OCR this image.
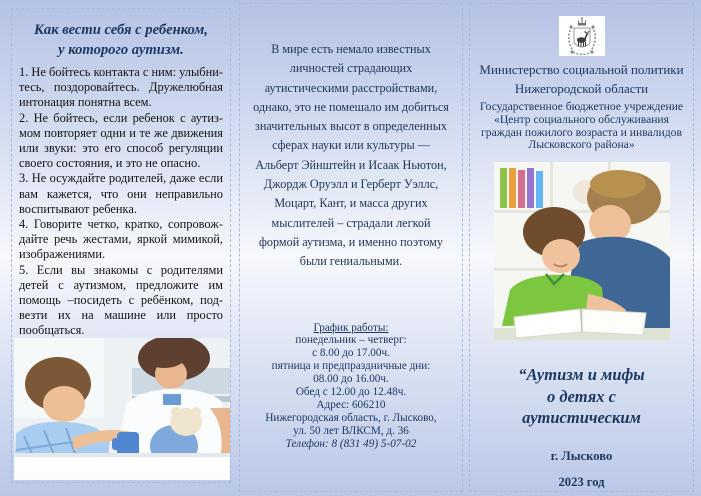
Как вести себя с ребенком,
у которого аутизм.

1. Не бойтесь контакта с ним: улыбни-тесь, поздоровайтесь. Дружелюбная интонация понятна всем.

2. Не бойтесь, если ребенок с аутиз-мом повторяет одни и те же движения или звуки: это его способ регуляции своего состояния, и это не опасно.

3. Не осуждайте родителей, даже если вам кажется, что они неправильно воспитывают ребенка.

4. Говорите четко, кратко, сопровож-дайте речь жестами, яркой мимикой, изображениями.

5. Если вы знакомы с родителями детей с аутизмом, предложите им помощь –посидеть с ребёнком, под-везти их на машине или просто пообщаться.

В мире есть немало известных
личностей страдающих
аутистическими расстройствами,
однако, это не помешало им добиться
значительных высот в определенных
сферах науки или культуры —
Альберт Эйнштейн и Исаак Ньютон,
Джордж Оруэлл и Герберт Уэллс,
Моцарт, Кант, и масса других
мыслителей – страдали легкой
формой аутизма, и именно поэтому
были гениальными.
График работы:
понедельник – четверг:
с 8.00 до 17.00ч.
пятница и предпраздничные дни:
08.00 до 16.00ч.
Обед с 12.00 до 12.48ч.
Адрес: 606210
Нижегородская область, г. Лысково,
ул. 50 лет ВЛКСМ, д. 36
Телефон: 8 (831 49) 5-07-02
Министерство социальной политики
Нижегородской области
Государственное бюджетное учреждение
«Центр социального обслуживания
граждан пожилого возраста и инвалидов
Лысковского района»
“Аутизм и мифы
о детях с
аутистическим
г. Лысково
2023 год
